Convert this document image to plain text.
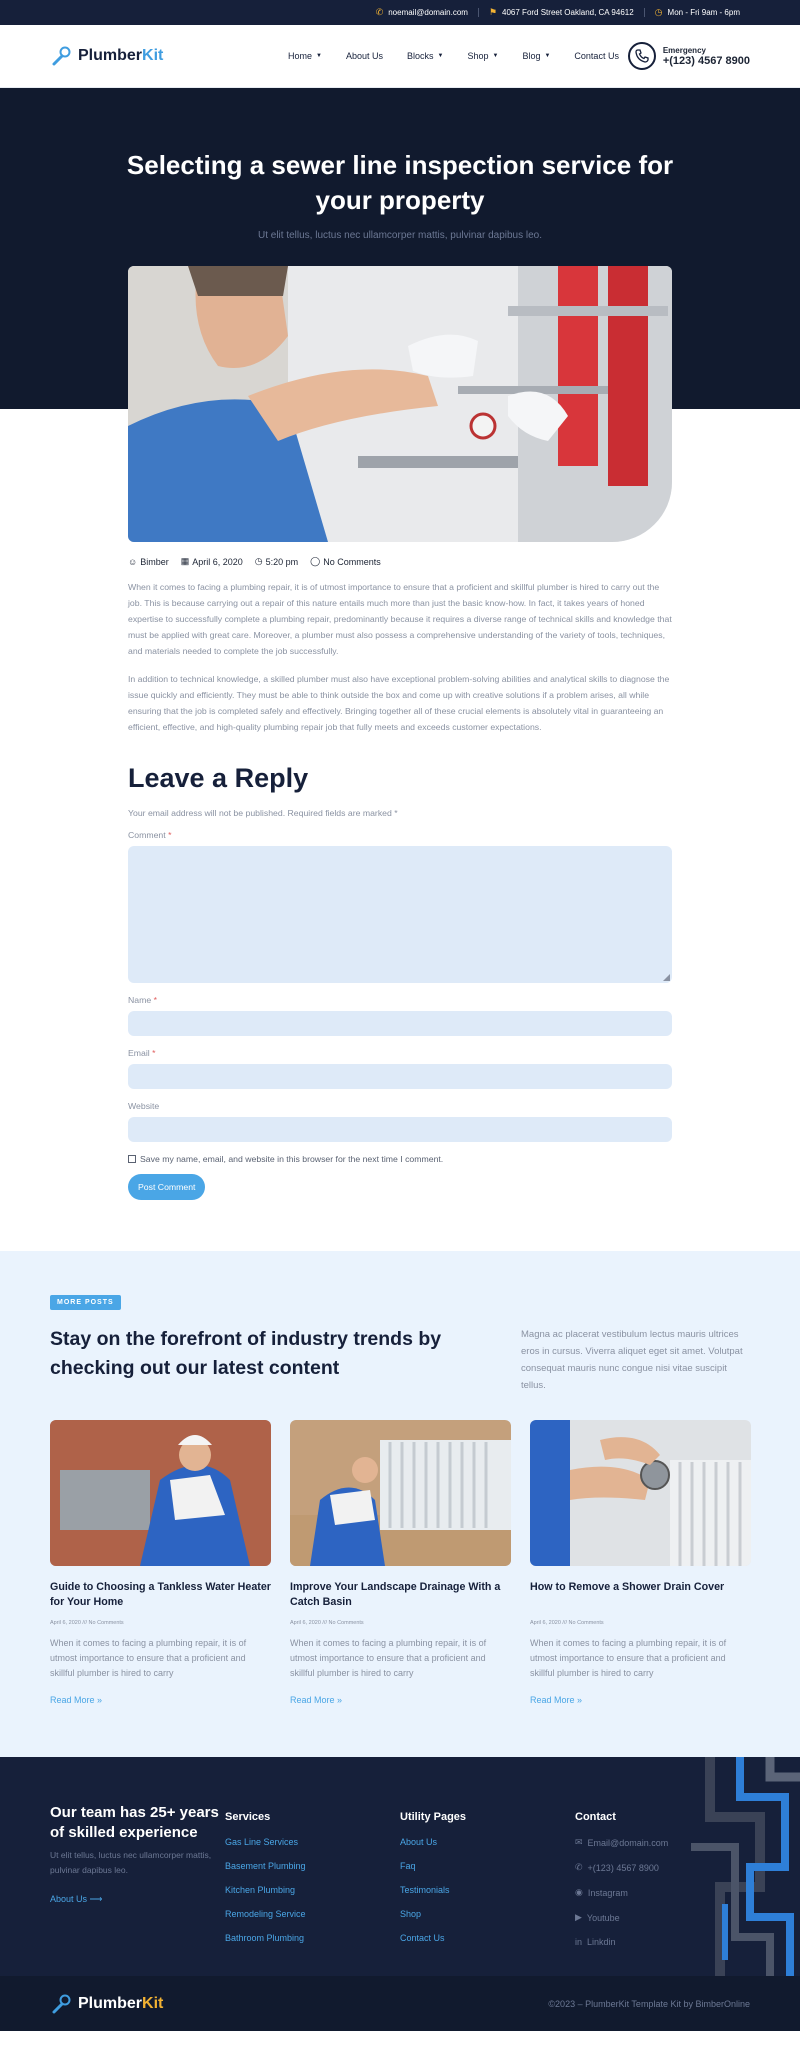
✆ noemail@domain.com ⚑ 4067 Ford Street Oakland, CA 94612 ◷ Mon - Fri 9am - 6pm
PlumberKit	Home ▼	About Us	Blocks ▼	Shop ▼	Blog ▼	Contact Us
Emergency
+(123) 4567 8900
Selecting a sewer line inspection service for your property
Ut elit tellus, luctus nec ullamcorper mattis, pulvinar dapibus leo.
☺ Bimber ▦ April 6, 2020 ◷ 5:20 pm ◯ No Comments

When it comes to facing a plumbing repair, it is of utmost importance to ensure that a proficient and skillful plumber is hired to carry out the job. This is because carrying out a repair of this nature entails much more than just the basic know-how. In fact, it takes years of honed expertise to successfully complete a plumbing repair, predominantly because it requires a diverse range of technical skills and knowledge that must be applied with great care. Moreover, a plumber must also possess a comprehensive understanding of the variety of tools, techniques, and materials needed to complete the job successfully.

In addition to technical knowledge, a skilled plumber must also have exceptional problem-solving abilities and analytical skills to diagnose the issue quickly and efficiently. They must be able to think outside the box and come up with creative solutions if a problem arises, all while ensuring that the job is completed safely and effectively. Bringing together all of these crucial elements is absolutely vital in guaranteeing an efficient, effective, and high-quality plumbing repair job that fully meets and exceeds customer expectations.

Leave a Reply
Your email address will not be published. Required fields are marked *
Comment *
Name *
Email *
Website
Save my name, email, and website in this browser for the next time I comment.
Post Comment
MORE POSTS
Stay on the forefront of industry trends by checking out our latest content

Magna ac placerat vestibulum lectus mauris ultrices eros in cursus. Viverra aliquet eget sit amet. Volutpat consequat mauris nunc congue nisi vitae suscipit tellus.

Guide to Choosing a Tankless Water Heater for Your Home
April 6, 2020 /// No Comments
When it comes to facing a plumbing repair, it is of utmost importance to ensure that a proficient and skillful plumber is hired to carry
Read More »
Improve Your Landscape Drainage With a Catch Basin
April 6, 2020 /// No Comments
When it comes to facing a plumbing repair, it is of utmost importance to ensure that a proficient and skillful plumber is hired to carry
Read More »
How to Remove a Shower Drain Cover
April 6, 2020 /// No Comments
When it comes to facing a plumbing repair, it is of utmost importance to ensure that a proficient and skillful plumber is hired to carry
Read More »
Our team has 25+ years of skilled experience

Ut elit tellus, luctus nec ullamcorper mattis, pulvinar dapibus leo.

About Us ⟶
Services
Gas Line Services
Basement Plumbing
Kitchen Plumbing
Remodeling Service
Bathroom Plumbing
Utility Pages
About Us
Faq
Testimonials
Shop
Contact Us
Contact
✉ Email@domain.com
✆ +(123) 4567 8900
◉ Instagram
▶ Youtube
in Linkdin
PlumberKit	©2023 – PlumberKit Template Kit by BimberOnline
